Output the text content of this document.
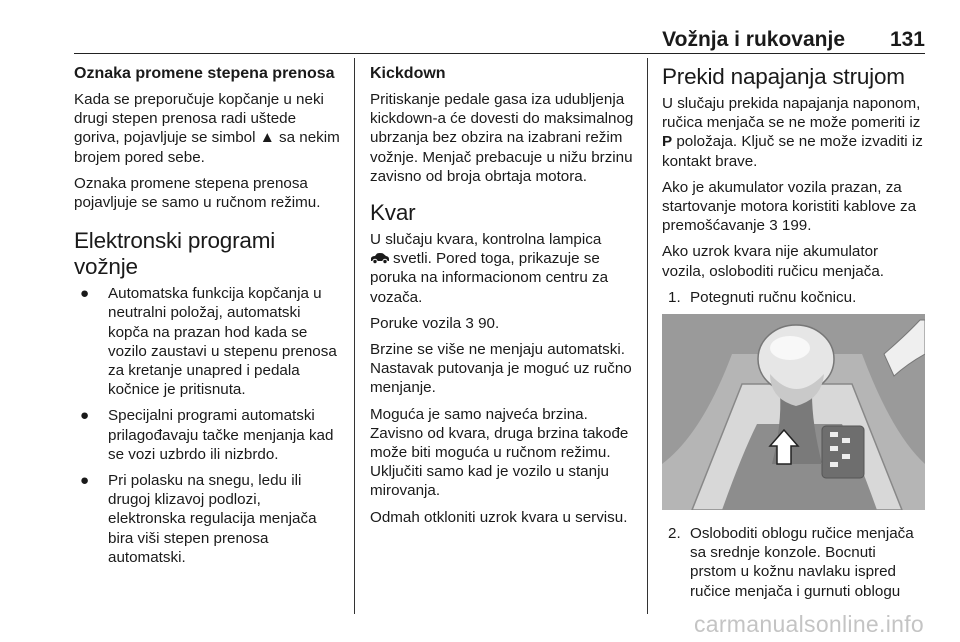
Vožnja i rukovanje 131
Oznaka promene stepena prenosa

Kada se preporučuje kopčanje u neki drugi stepen prenosa radi uštede goriva, pojavljuje se simbol ▲ sa nekim brojem pored sebe.

Oznaka promene stepena prenosa pojavljuje se samo u ručnom režimu.

Elektronski programi vožnje
● Automatska funkcija kopčanja u neutralni položaj, automatski kopča na prazan hod kada se vozilo zaustavi u stepenu prenosa za kretanje unapred i pedala kočnice je pritisnuta.
● Specijalni programi automatski prilagođavaju tačke menjanja kad se vozi uzbrdo ili nizbrdo.
● Pri polasku na snegu, ledu ili drugoj klizavoj podlozi, elektronska regulacija menjača bira viši stepen prenosa automatski.
Kickdown

Pritiskanje pedale gasa iza udubljenja kickdown-a će dovesti do maksimalnog ubrzanja bez obzira na izabrani režim vožnje. Menjač prebacuje u nižu brzinu zavisno od broja obrtaja motora.

Kvar

U slučaju kvara, kontrolna lampica
svetli. Pored toga, prikazuje se poruka na informacionom centru za vozača.

Poruke vozila 3 90.

Brzine se više ne menjaju automatski. Nastavak putovanja je moguć uz ručno menjanje.

Moguća je samo najveća brzina. Zavisno od kvara, druga brzina takođe može biti moguća u ručnom režimu. Uključiti samo kad je vozilo u stanju mirovanja.

Odmah otkloniti uzrok kvara u servisu.

Prekid napajanja strujom

U slučaju prekida napajanja naponom, ručica menjača se ne može pomeriti iz P položaja. Ključ se ne može izvaditi iz kontakt brave.

Ako je akumulator vozila prazan, za startovanje motora koristiti kablove za premošćavanje 3 199.

Ako uzrok kvara nije akumulator vozila, osloboditi ručicu menjača.

1. Potegnuti ručnu kočnicu.
2. Osloboditi oblogu ručice menjača sa srednje konzole. Bocnuti prstom u kožnu navlaku ispred ručice menjača i gurnuti oblogu
carmanualsonline.info
